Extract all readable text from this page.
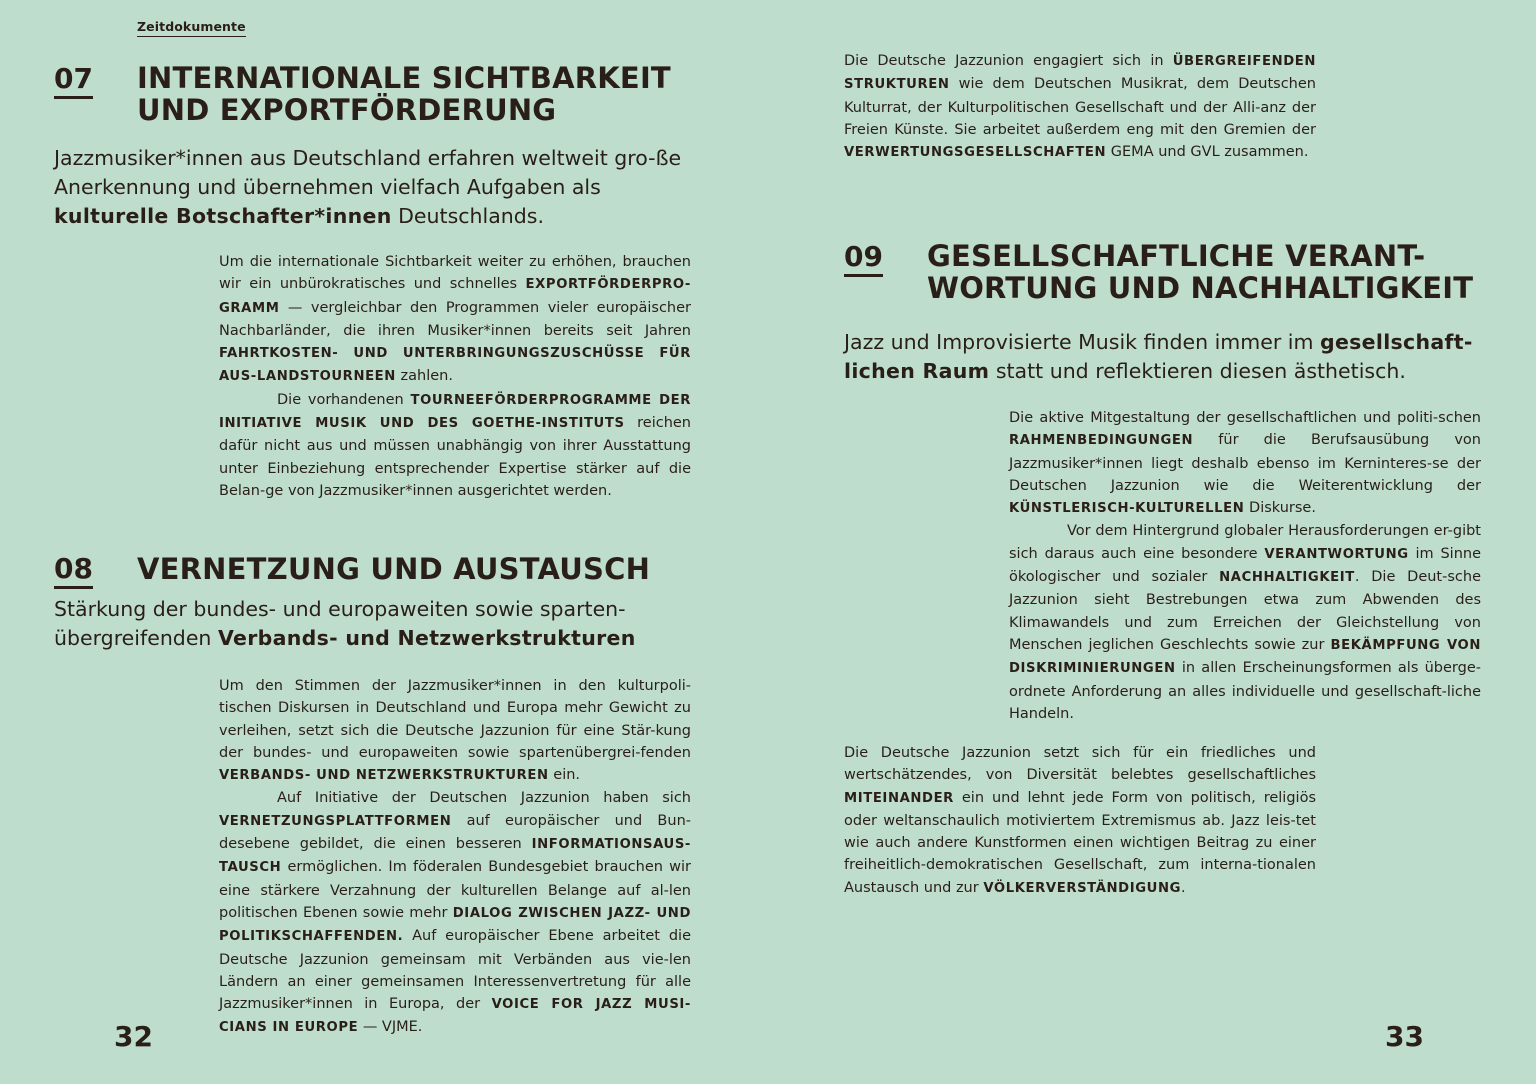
Zeitdokumente
07 INTERNATIONALE SICHTBARKEIT
UND EXPORTFÖRDERUNG

Jazzmusiker*innen aus Deutschland erfahren weltweit gro-ße Anerkennung und übernehmen vielfach Aufgaben als kulturelle Botschafter*innen Deutschlands.

Um die internationale Sichtbarkeit weiter zu erhöhen, brauchen wir ein unbürokratisches und schnelles EXPORTFÖRDERPRO-GRAMM — vergleichbar den Programmen vieler europäischer Nachbarländer, die ihren Musiker*innen bereits seit Jahren FAHRTKOSTEN- UND UNTERBRINGUNGSZUSCHÜSSE FÜR AUS-LANDSTOURNEEN zahlen.

Die vorhandenen TOURNEEFÖRDERPROGRAMME DER INITIATIVE MUSIK UND DES GOETHE-INSTITUTS reichen dafür nicht aus und müssen unabhängig von ihrer Ausstattung unter Einbeziehung entsprechender Expertise stärker auf die Belan-ge von Jazzmusiker*innen ausgerichtet werden.

08 VERNETZUNG UND AUSTAUSCH

Stärkung der bundes- und europaweiten sowie sparten-übergreifenden Verbands- und Netzwerkstrukturen

Um den Stimmen der Jazzmusiker*innen in den kulturpoli-tischen Diskursen in Deutschland und Europa mehr Gewicht zu verleihen, setzt sich die Deutsche Jazzunion für eine Stär-kung der bundes- und europaweiten sowie spartenübergrei-fenden VERBANDS- UND NETZWERKSTRUKTUREN ein.

Auf Initiative der Deutschen Jazzunion haben sich VERNETZUNGSPLATTFORMEN auf europäischer und Bun-desebene gebildet, die einen besseren INFORMATIONSAUS-TAUSCH ermöglichen. Im föderalen Bundesgebiet brauchen wir eine stärkere Verzahnung der kulturellen Belange auf al-len politischen Ebenen sowie mehr DIALOG ZWISCHEN JAZZ- UND POLITIKSCHAFFENDEN. Auf europäischer Ebene arbeitet die Deutsche Jazzunion gemeinsam mit Verbänden aus vie-len Ländern an einer gemeinsamen Interessenvertretung für alle Jazzmusiker*innen in Europa, der VOICE FOR JAZZ MUSI-CIANS IN EUROPE — VJME.

Die Deutsche Jazzunion engagiert sich in ÜBERGREIFENDEN STRUKTUREN wie dem Deutschen Musikrat, dem Deutschen Kulturrat, der Kulturpolitischen Gesellschaft und der Alli-anz der Freien Künste. Sie arbeitet außerdem eng mit den Gremien der VERWERTUNGSGESELLSCHAFTEN GEMA und GVL zusammen.

09 GESELLSCHAFTLICHE VERANT-
WORTUNG UND NACHHALTIGKEIT

Jazz und Improvisierte Musik finden immer im gesellschaft-lichen Raum statt und reflektieren diesen ästhetisch.

Die aktive Mitgestaltung der gesellschaftlichen und politi-schen RAHMENBEDINGUNGEN für die Berufsausübung von Jazzmusiker*innen liegt deshalb ebenso im Kerninteres-se der Deutschen Jazzunion wie die Weiterentwicklung der KÜNSTLERISCH-KULTURELLEN Diskurse.

Vor dem Hintergrund globaler Herausforderungen er-gibt sich daraus auch eine besondere VERANTWORTUNG im Sinne ökologischer und sozialer NACHHALTIGKEIT. Die Deut-sche Jazzunion sieht Bestrebungen etwa zum Abwenden des Klimawandels und zum Erreichen der Gleichstellung von Menschen jeglichen Geschlechts sowie zur BEKÄMPFUNG VON DISKRIMINIERUNGEN in allen Erscheinungsformen als überge-ordnete Anforderung an alles individuelle und gesellschaft-liche Handeln.

Die Deutsche Jazzunion setzt sich für ein friedliches und wertschätzendes, von Diversität belebtes gesellschaftliches MITEINANDER ein und lehnt jede Form von politisch, religiös oder weltanschaulich motiviertem Extremismus ab. Jazz leis-tet wie auch andere Kunstformen einen wichtigen Beitrag zu einer freiheitlich-demokratischen Gesellschaft, zum interna-tionalen Austausch und zur VÖLKERVERSTÄNDIGUNG.

32	33
